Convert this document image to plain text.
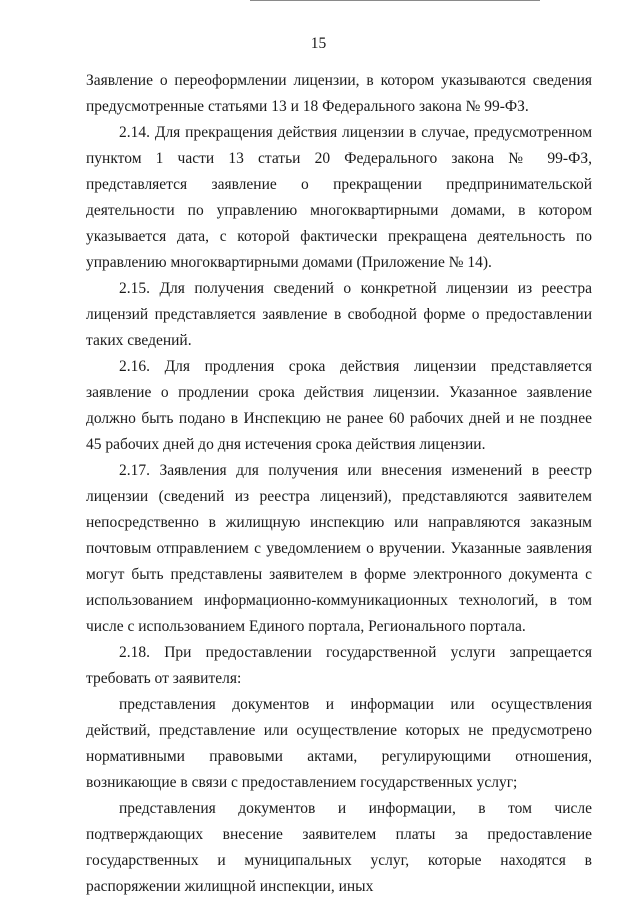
15

Заявление о переоформлении лицензии, в котором указываются сведения предусмотренные статьями 13 и 18 Федерального закона № 99-ФЗ.

2.14. Для прекращения действия лицензии в случае, предусмотренном пунктом 1 части 13 статьи 20 Федерального закона № 99-ФЗ, представляется заявление о прекращении предпринимательской деятельности по управлению многоквартирными домами, в котором указывается дата, с которой фактически прекращена деятельность по управлению многоквартирными домами (Приложение № 14).

2.15. Для получения сведений о конкретной лицензии из реестра лицензий представляется заявление в свободной форме о предоставлении таких сведений.

2.16. Для продления срока действия лицензии представляется заявление о продлении срока действия лицензии. Указанное заявление должно быть подано в Инспекцию не ранее 60 рабочих дней и не позднее 45 рабочих дней до дня истечения срока действия лицензии.

2.17. Заявления для получения или внесения изменений в реестр лицензии (сведений из реестра лицензий), представляются заявителем непосредственно в жилищную инспекцию или направляются заказным почтовым отправлением с уведомлением о вручении. Указанные заявления могут быть представлены заявителем в форме электронного документа с использованием информационно-коммуникационных технологий, в том числе с использованием Единого портала, Регионального портала.

2.18. При предоставлении государственной услуги запрещается требовать от заявителя:

представления документов и информации или осуществления действий, представление или осуществление которых не предусмотрено нормативными правовыми актами, регулирующими отношения, возникающие в связи с предоставлением государственных услуг;

представления документов и информации, в том числе подтверждающих внесение заявителем платы за предоставление государственных и муниципальных услуг, которые находятся в распоряжении жилищной инспекции, иных
